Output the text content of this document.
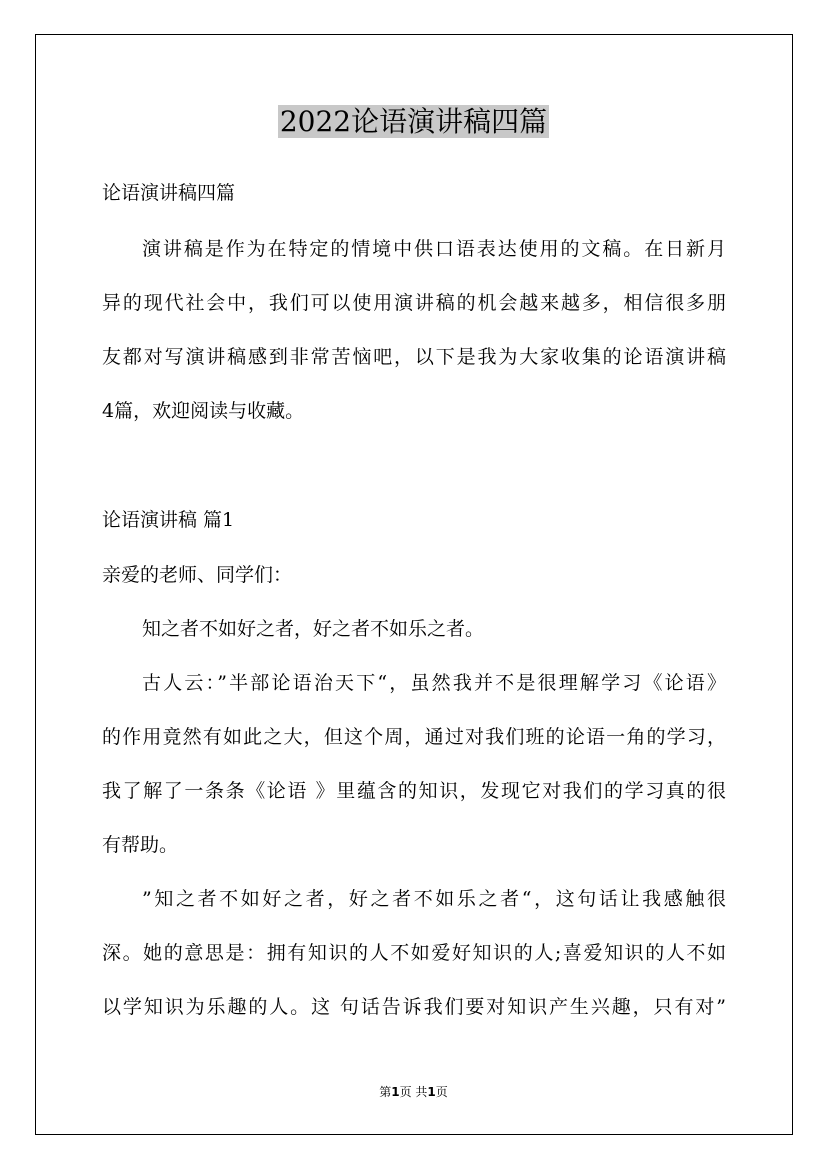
2022论语演讲稿四篇
论语演讲稿四篇
演讲稿是作为在特定的情境中供口语表达使用的文稿。在日新月
异的现代社会中，我们可以使用演讲稿的机会越来越多，相信很多朋
友都对写演讲稿感到非常苦恼吧，以下是我为大家收集的论语演讲稿
4篇，欢迎阅读与收藏。
论语演讲稿 篇1
亲爱的老师、同学们：
知之者不如好之者，好之者不如乐之者。
古人云：”半部论语治天下“，虽然我并不是很理解学习《论语》
的作用竟然有如此之大，但这个周，通过对我们班的论语一角的学习，
我了解了一条条《论语 》里蕴含的知识，发现它对我们的学习真的很
有帮助。
”知之者不如好之者，好之者不如乐之者“，这句话让我感触很
深。她的意思是：拥有知识的人不如爱好知识的人;喜爱知识的人不如
以学知识为乐趣的人。这 句话告诉我们要对知识产生兴趣，只有对”
第1页 共1页
